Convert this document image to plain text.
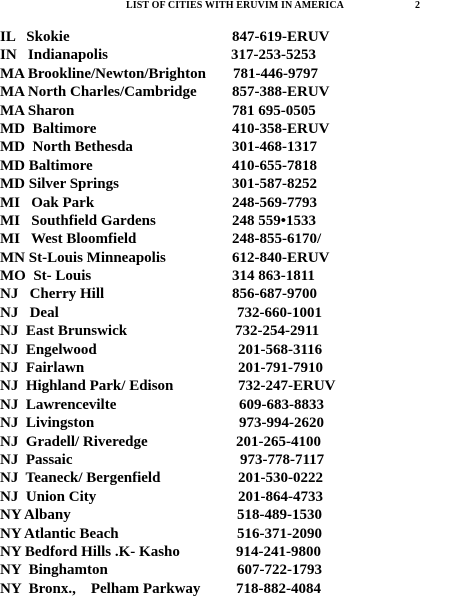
LIST OF CITIES WITH ERUVIM IN AMERICA	2
IL   Skokie	847-619-ERUV
IN   Indianapolis	317-253-5253
MA Brookline/Newton/Brighton 781-446-9797
MA North Charles/Cambridge 857-388-ERUV
MA Sharon	781 695-0505
MD  Baltimore	410-358-ERUV
MD  North Bethesda	301-468-1317
MD Baltimore	410-655-7818
MD Silver Springs	301-587-8252
MI   Oak Park	248-569-7793
MI   Southfield Gardens	248 559•1533
MI   West Bloomfield	248-855-6170/
MN St-Louis Minneapolis	612-840-ERUV
MO  St- Louis	314 863-1811
NJ   Cherry Hill	856-687-9700
NJ   Deal	732-660-1001
NJ  East Brunswick	732-254-2911
NJ  Engelwood	201-568-3116
NJ  Fairlawn	201-791-7910
NJ  Highland Park/ Edison	732-247-ERUV
NJ  Lawrencevilte	609-683-8833
NJ  Livingston	973-994-2620
NJ  Gradell/ Riveredge	201-265-4100
NJ  Passaic	973-778-7117
NJ  Teaneck/ Bergenfield	201-530-0222
NJ  Union City	201-864-4733
NY Albany	518-489-1530
NY Atlantic Beach	516-371-2090
NY Bedford Hills .K- Kasho	914-241-9800
NY  Binghamton	607-722-1793
NY  Bronx.,    Pelham Parkway 718-882-4084
